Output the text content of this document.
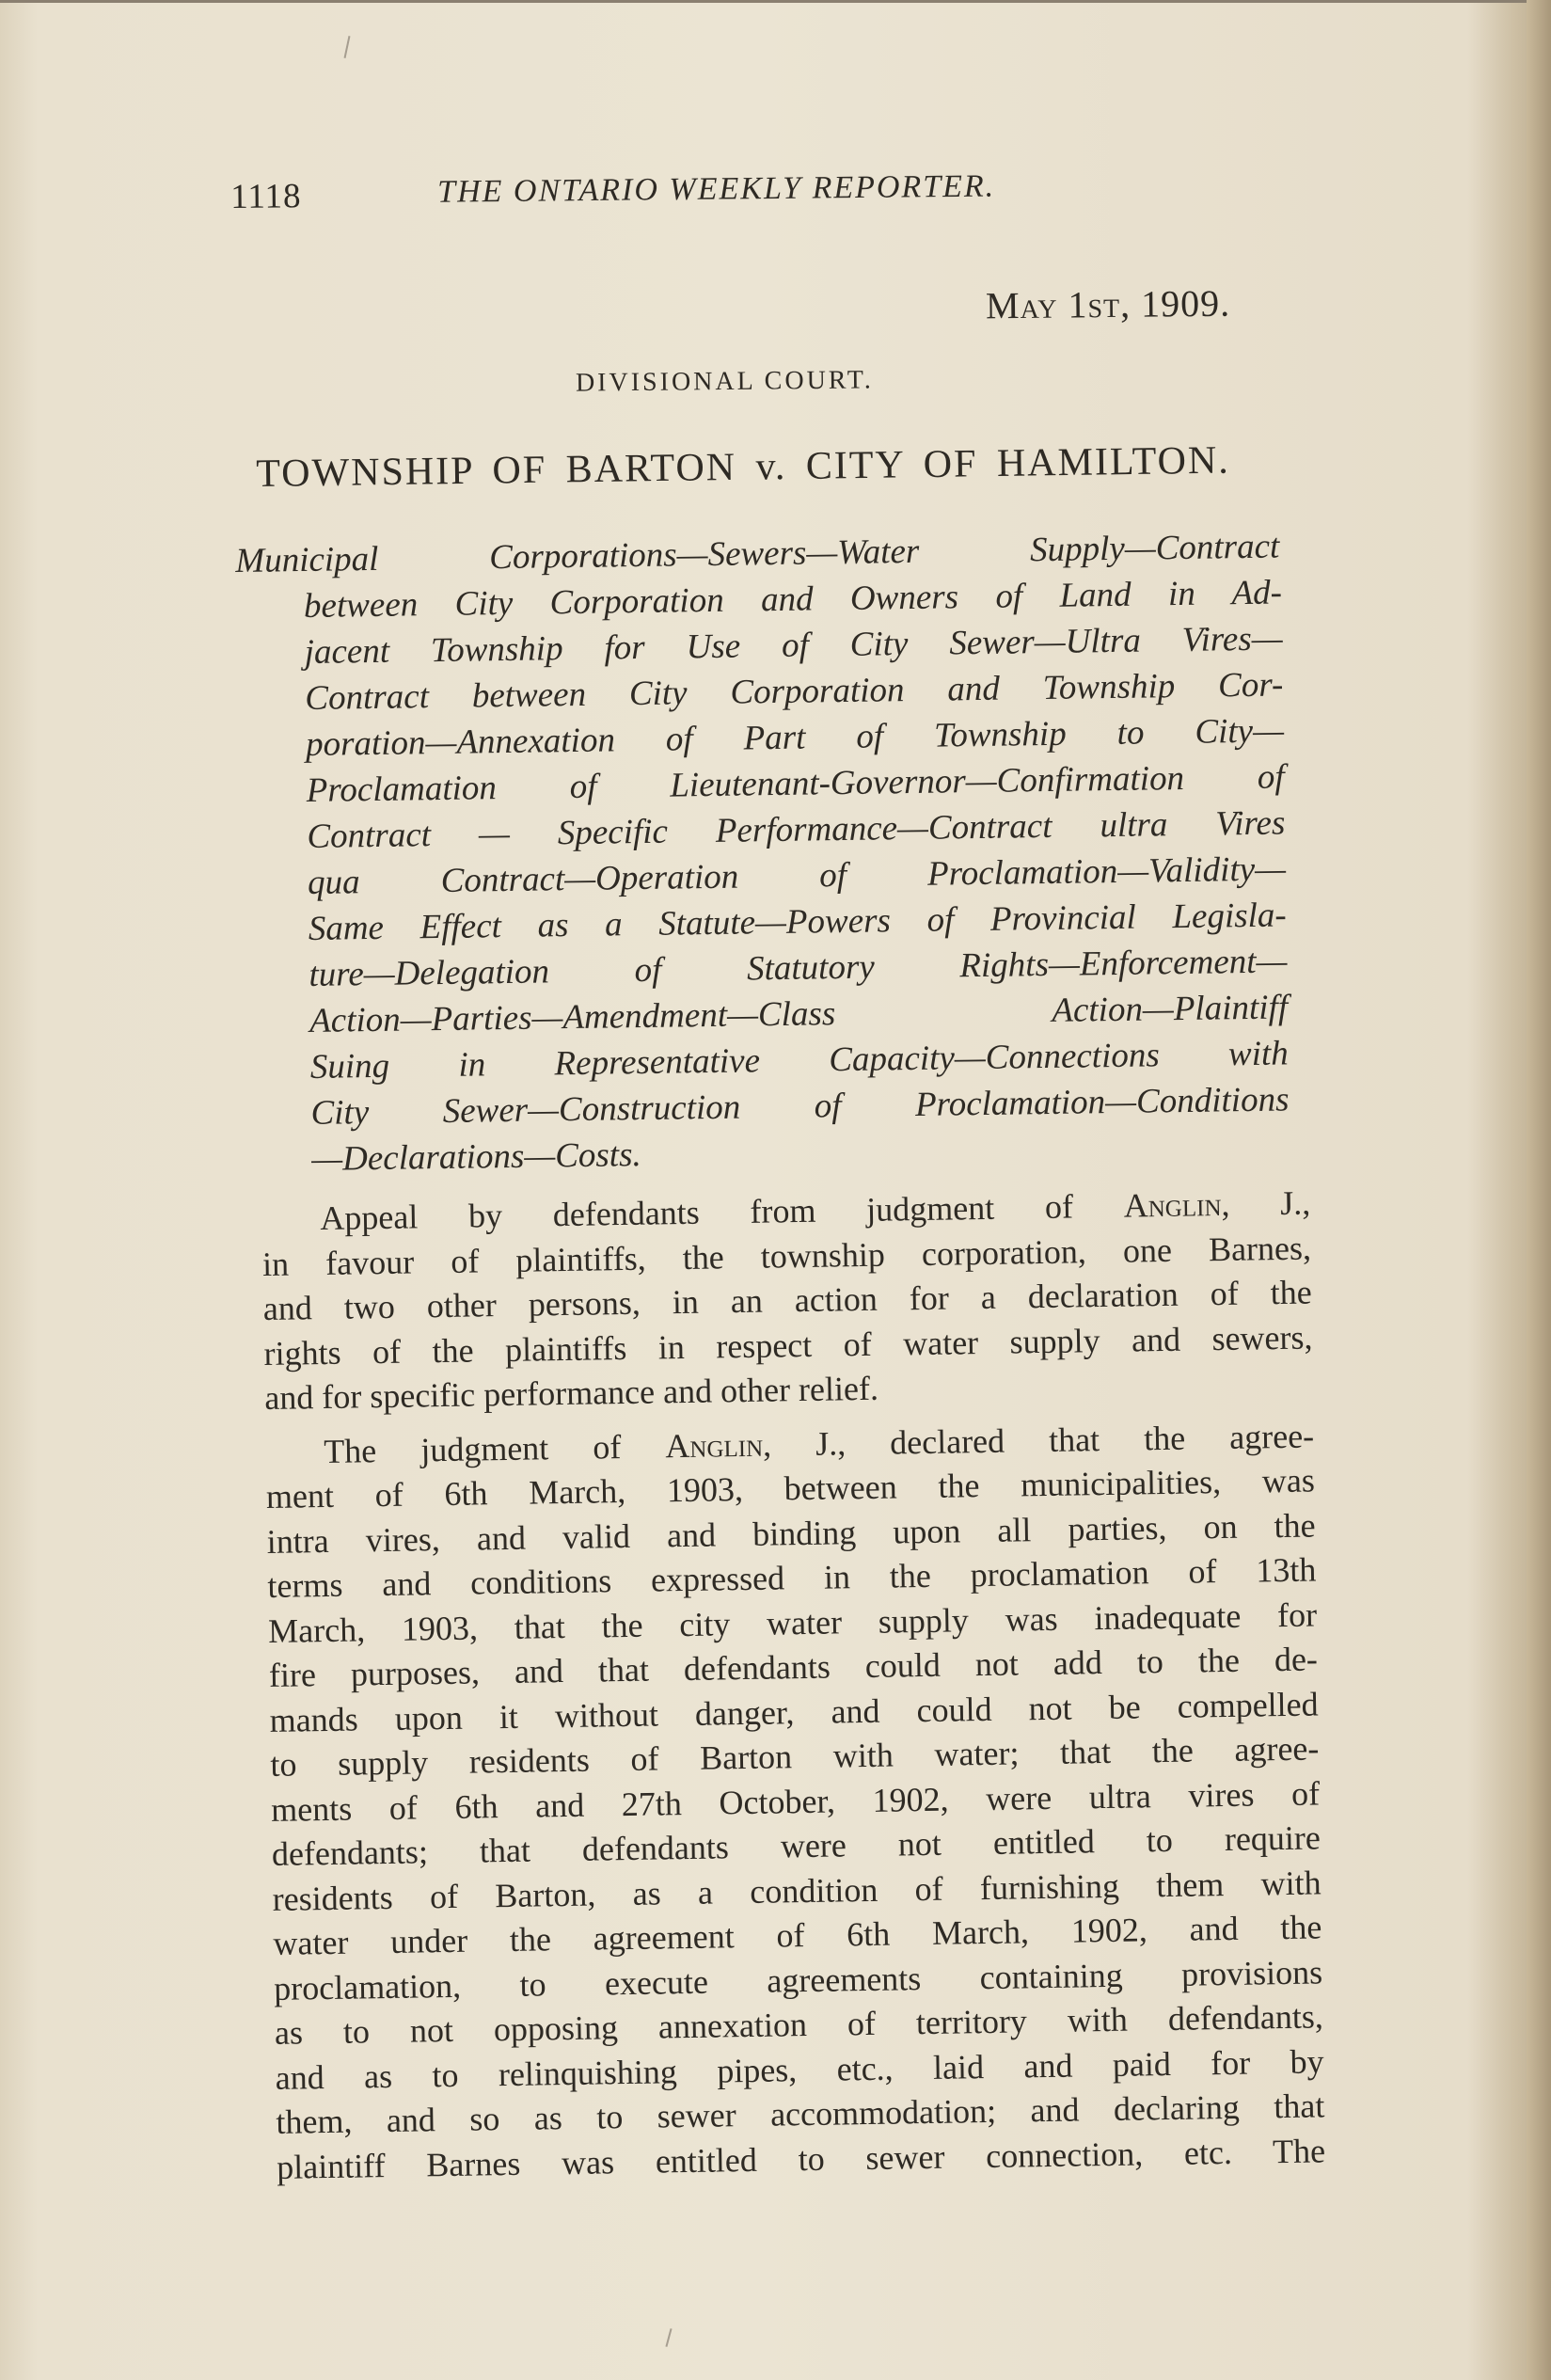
1118	THE ONTARIO WEEKLY REPORTER.
May 1st, 1909.
DIVISIONAL COURT.
TOWNSHIP OF BARTON v. CITY OF HAMILTON.
Municipal Corporations—Sewers—Water Supply—Contract
between City Corporation and Owners of Land in Ad-
jacent Township for Use of City Sewer—Ultra Vires—
Contract between City Corporation and Township Cor-
poration—Annexation of Part of Township to City—
Proclamation of Lieutenant-Governor—Confirmation of
Contract — Specific Performance—Contract ultra Vires
qua Contract—Operation of Proclamation—Validity—
Same Effect as a Statute—Powers of Provincial Legisla-
ture—Delegation of Statutory Rights—Enforcement—
Action—Parties—Amendment—Class Action—Plaintiff
Suing in Representative Capacity—Connections with
City Sewer—Construction of Proclamation—Conditions
—Declarations—Costs.
Appeal by defendants from judgment of Anglin, J.,
in favour of plaintiffs, the township corporation, one Barnes,
and two other persons, in an action for a declaration of the
rights of the plaintiffs in respect of water supply and sewers,
and for specific performance and other relief.
The judgment of Anglin, J., declared that the agree-
ment of 6th March, 1903, between the municipalities, was
intra vires, and valid and binding upon all parties, on the
terms and conditions expressed in the proclamation of 13th
March, 1903, that the city water supply was inadequate for
fire purposes, and that defendants could not add to the de-
mands upon it without danger, and could not be compelled
to supply residents of Barton with water; that the agree-
ments of 6th and 27th October, 1902, were ultra vires of
defendants; that defendants were not entitled to require
residents of Barton, as a condition of furnishing them with
water under the agreement of 6th March, 1902, and the
proclamation, to execute agreements containing provisions
as to not opposing annexation of territory with defendants,
and as to relinquishing pipes, etc., laid and paid for by
them, and so as to sewer accommodation; and declaring that
plaintiff Barnes was entitled to sewer connection, etc. The
